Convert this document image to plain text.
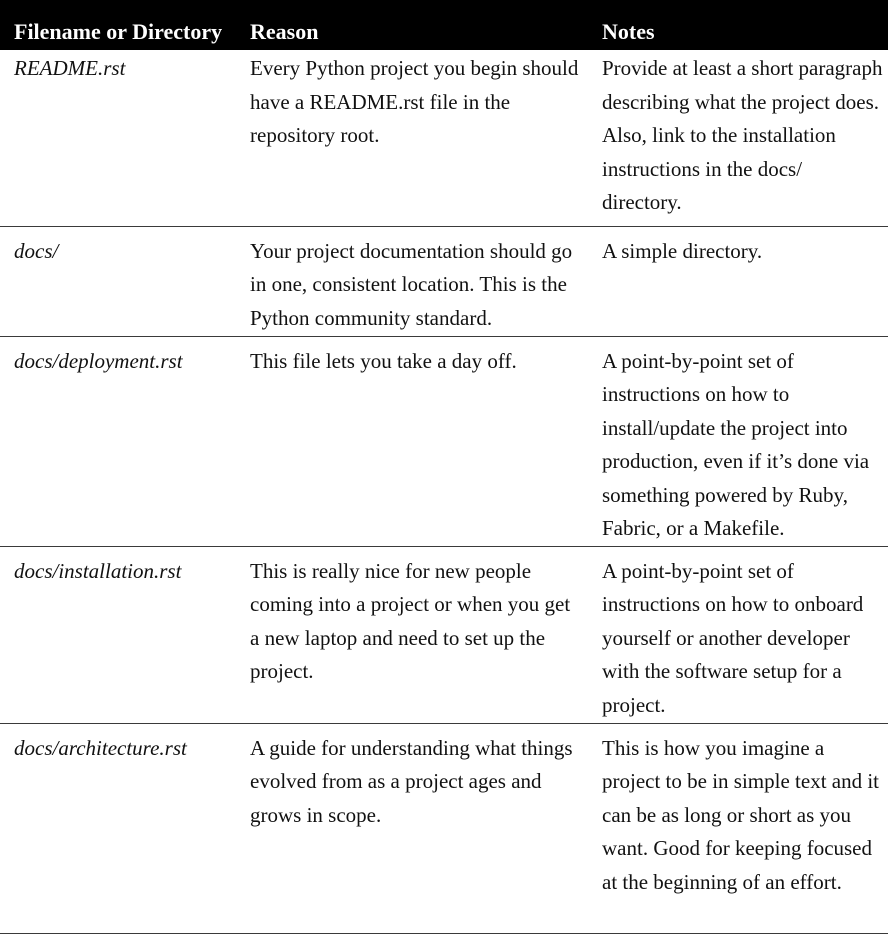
Filename or Directory	Reason	Notes
README.rst	Every Python project you begin should have a README.rst file in the repository root.	Provide at least a short paragraph describing what the project does. Also, link to the installation instructions in the docs/ directory.
docs/	Your project documentation should go in one, consistent location. This is the Python community standard.	A simple directory.
docs/deployment.rst	This file lets you take a day off.	A point-by-point set of instructions on how to install/update the project into production, even if it’s done via something powered by Ruby, Fabric, or a Makefile.
docs/installation.rst	This is really nice for new people coming into a project or when you get a new laptop and need to set up the project.	A point-by-point set of instructions on how to onboard yourself or another developer with the software setup for a project.
docs/architecture.rst	A guide for understanding what things evolved from as a project ages and grows in scope.	This is how you imagine a project to be in simple text and it can be as long or short as you want. Good for keeping focused at the beginning of an effort.
